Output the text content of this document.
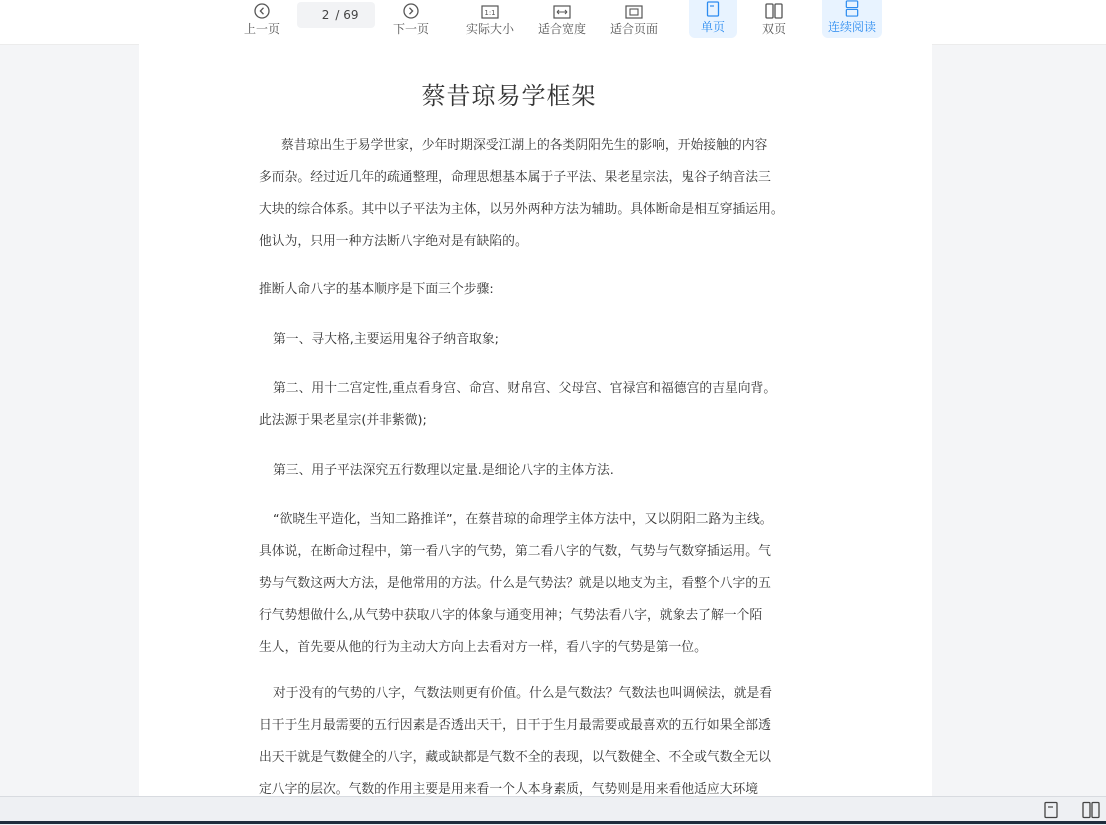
上一页
2 / 69
下一页
1:1
实际大小 适合宽度 适合页面	单页	双页	连续阅读
蔡昔琼易学框架

蔡昔琼出生于易学世家，少年时期深受江湖上的各类阴阳先生的影响，开始接触的内容
多而杂。经过近几年的疏通整理，命理思想基本属于子平法、果老星宗法，鬼谷子纳音法三
大块的综合体系。其中以子平法为主体，以另外两种方法为辅助。具体断命是相互穿插运用。
他认为，只用一种方法断八字绝对是有缺陷的。

推断人命八字的基本顺序是下面三个步骤:

第一、寻大格,主要运用鬼谷子纳音取象;

第二、用十二宫定性,重点看身宫、命宫、财帛宫、父母宫、官禄宫和福德宫的吉星向背。
此法源于果老星宗(并非紫微);

第三、用子平法深究五行数理以定量.是细论八字的主体方法.

“欲晓生平造化，当知二路推详”，在蔡昔琼的命理学主体方法中，又以阴阳二路为主线。
具体说，在断命过程中，第一看八字的气势，第二看八字的气数，气势与气数穿插运用。气
势与气数这两大方法，是他常用的方法。什么是气势法？就是以地支为主，看整个八字的五
行气势想做什么,从气势中获取八字的体象与通变用神；气势法看八字，就象去了解一个陌
生人，首先要从他的行为主动大方向上去看对方一样，看八字的气势是第一位。

对于没有的气势的八字，气数法则更有价值。什么是气数法？气数法也叫调候法，就是看
日干于生月最需要的五行因素是否透出天干，日干于生月最需要或最喜欢的五行如果全部透
出天干就是气数健全的八字，藏或缺都是气数不全的表现，以气数健全、不全或气数全无以
定八字的层次。气数的作用主要是用来看一个人本身素质，气势则是用来看他适应大环境
